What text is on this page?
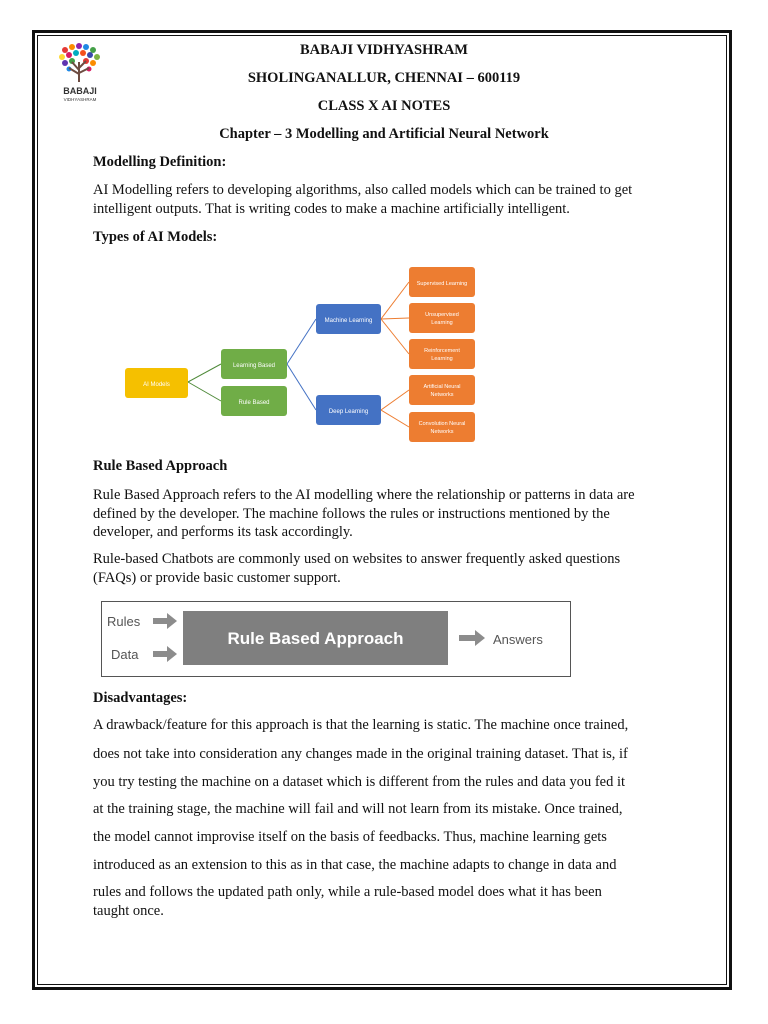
BABAJI
VIDHYASHRAM
BABAJI VIDHYASHRAM
SHOLINGANALLUR, CHENNAI – 600119
CLASS X AI NOTES
Chapter – 3 Modelling and Artificial Neural Network
Modelling Definition:
AI Modelling refers to developing algorithms, also called models which can be trained to get
intelligent outputs. That is writing codes to make a machine artificially intelligent.
Types of AI Models:
AI Models
Learning Based
Rule Based
Machine Learning
Deep Learning
Supervised Learning
Unsupervised
Learning
Reinforcement
Learning
Artificial Neural
Networks
Convolution Neural
Networks
Rule Based Approach
Rule Based Approach refers to the AI modelling where the relationship or patterns in data are
defined by the developer. The machine follows the rules or instructions mentioned by the
developer, and performs its task accordingly.
Rule-based Chatbots are commonly used on websites to answer frequently asked questions
(FAQs) or provide basic customer support.
Rules
Data
Rule Based Approach	Answers
Disadvantages:
A drawback/feature for this approach is that the learning is static. The machine once trained,
does not take into consideration any changes made in the original training dataset. That is, if
you try testing the machine on a dataset which is different from the rules and data you fed it
at the training stage, the machine will fail and will not learn from its mistake. Once trained,
the model cannot improvise itself on the basis of feedbacks. Thus, machine learning gets
introduced as an extension to this as in that case, the machine adapts to change in data and
rules and follows the updated path only, while a rule-based model does what it has been
taught once.
